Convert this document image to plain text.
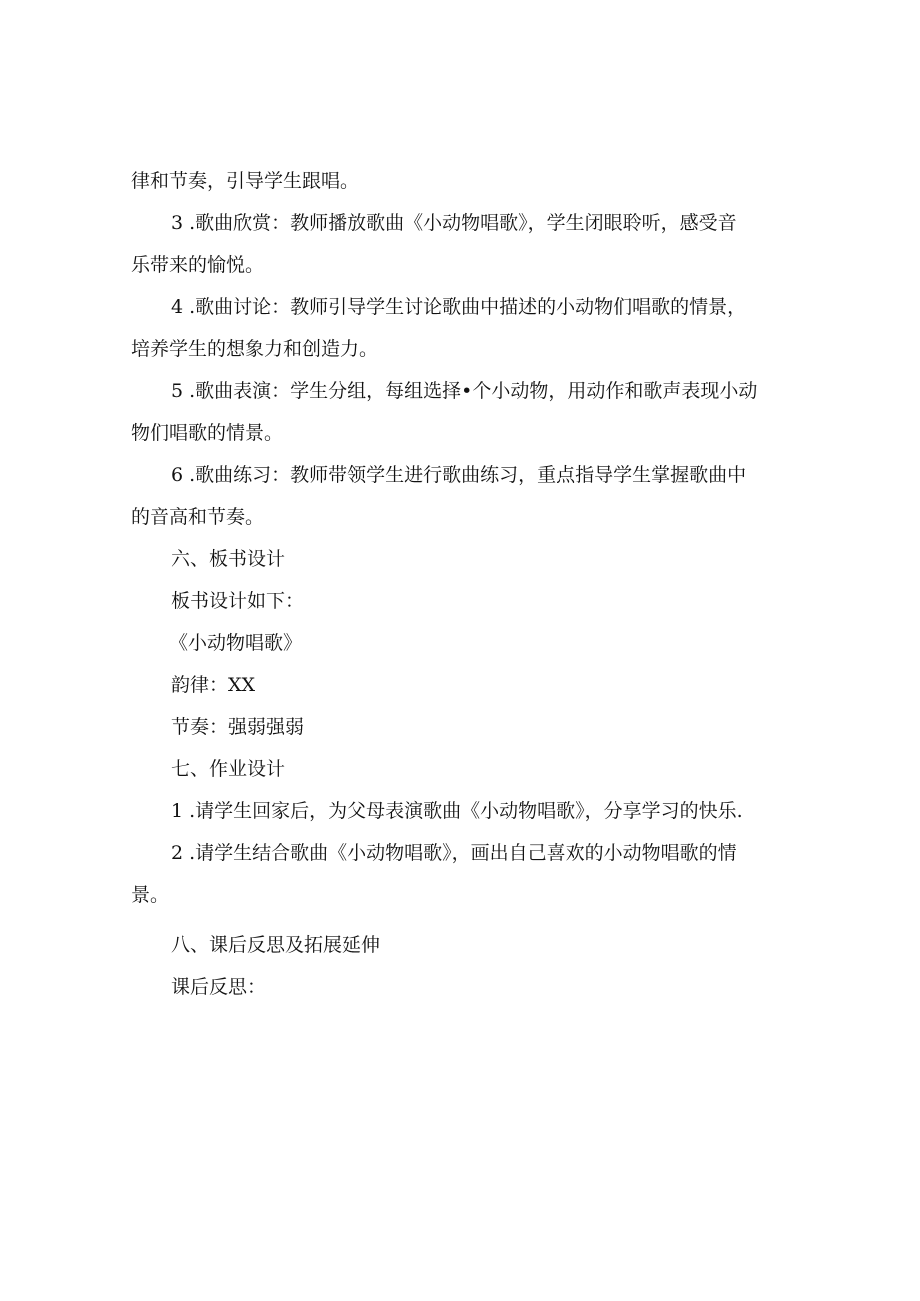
律和节奏，引导学生跟唱。
3 .歌曲欣赏：教师播放歌曲《小动物唱歌》，学生闭眼聆听，感受音
乐带来的愉悦。
4 .歌曲讨论：教师引导学生讨论歌曲中描述的小动物们唱歌的情景，
培养学生的想象力和创造力。
5 .歌曲表演：学生分组，每组选择•个小动物，用动作和歌声表现小动
物们唱歌的情景。
6 .歌曲练习：教师带领学生进行歌曲练习，重点指导学生掌握歌曲中
的音高和节奏。
六、板书设计
板书设计如下：
《小动物唱歌》
韵律：XX
节奏：强弱强弱
七、作业设计
1 .请学生回家后，为父母表演歌曲《小动物唱歌》，分享学习的快乐.
2 .请学生结合歌曲《小动物唱歌》，画出自己喜欢的小动物唱歌的情
景。
八、课后反思及拓展延伸
课后反思：
